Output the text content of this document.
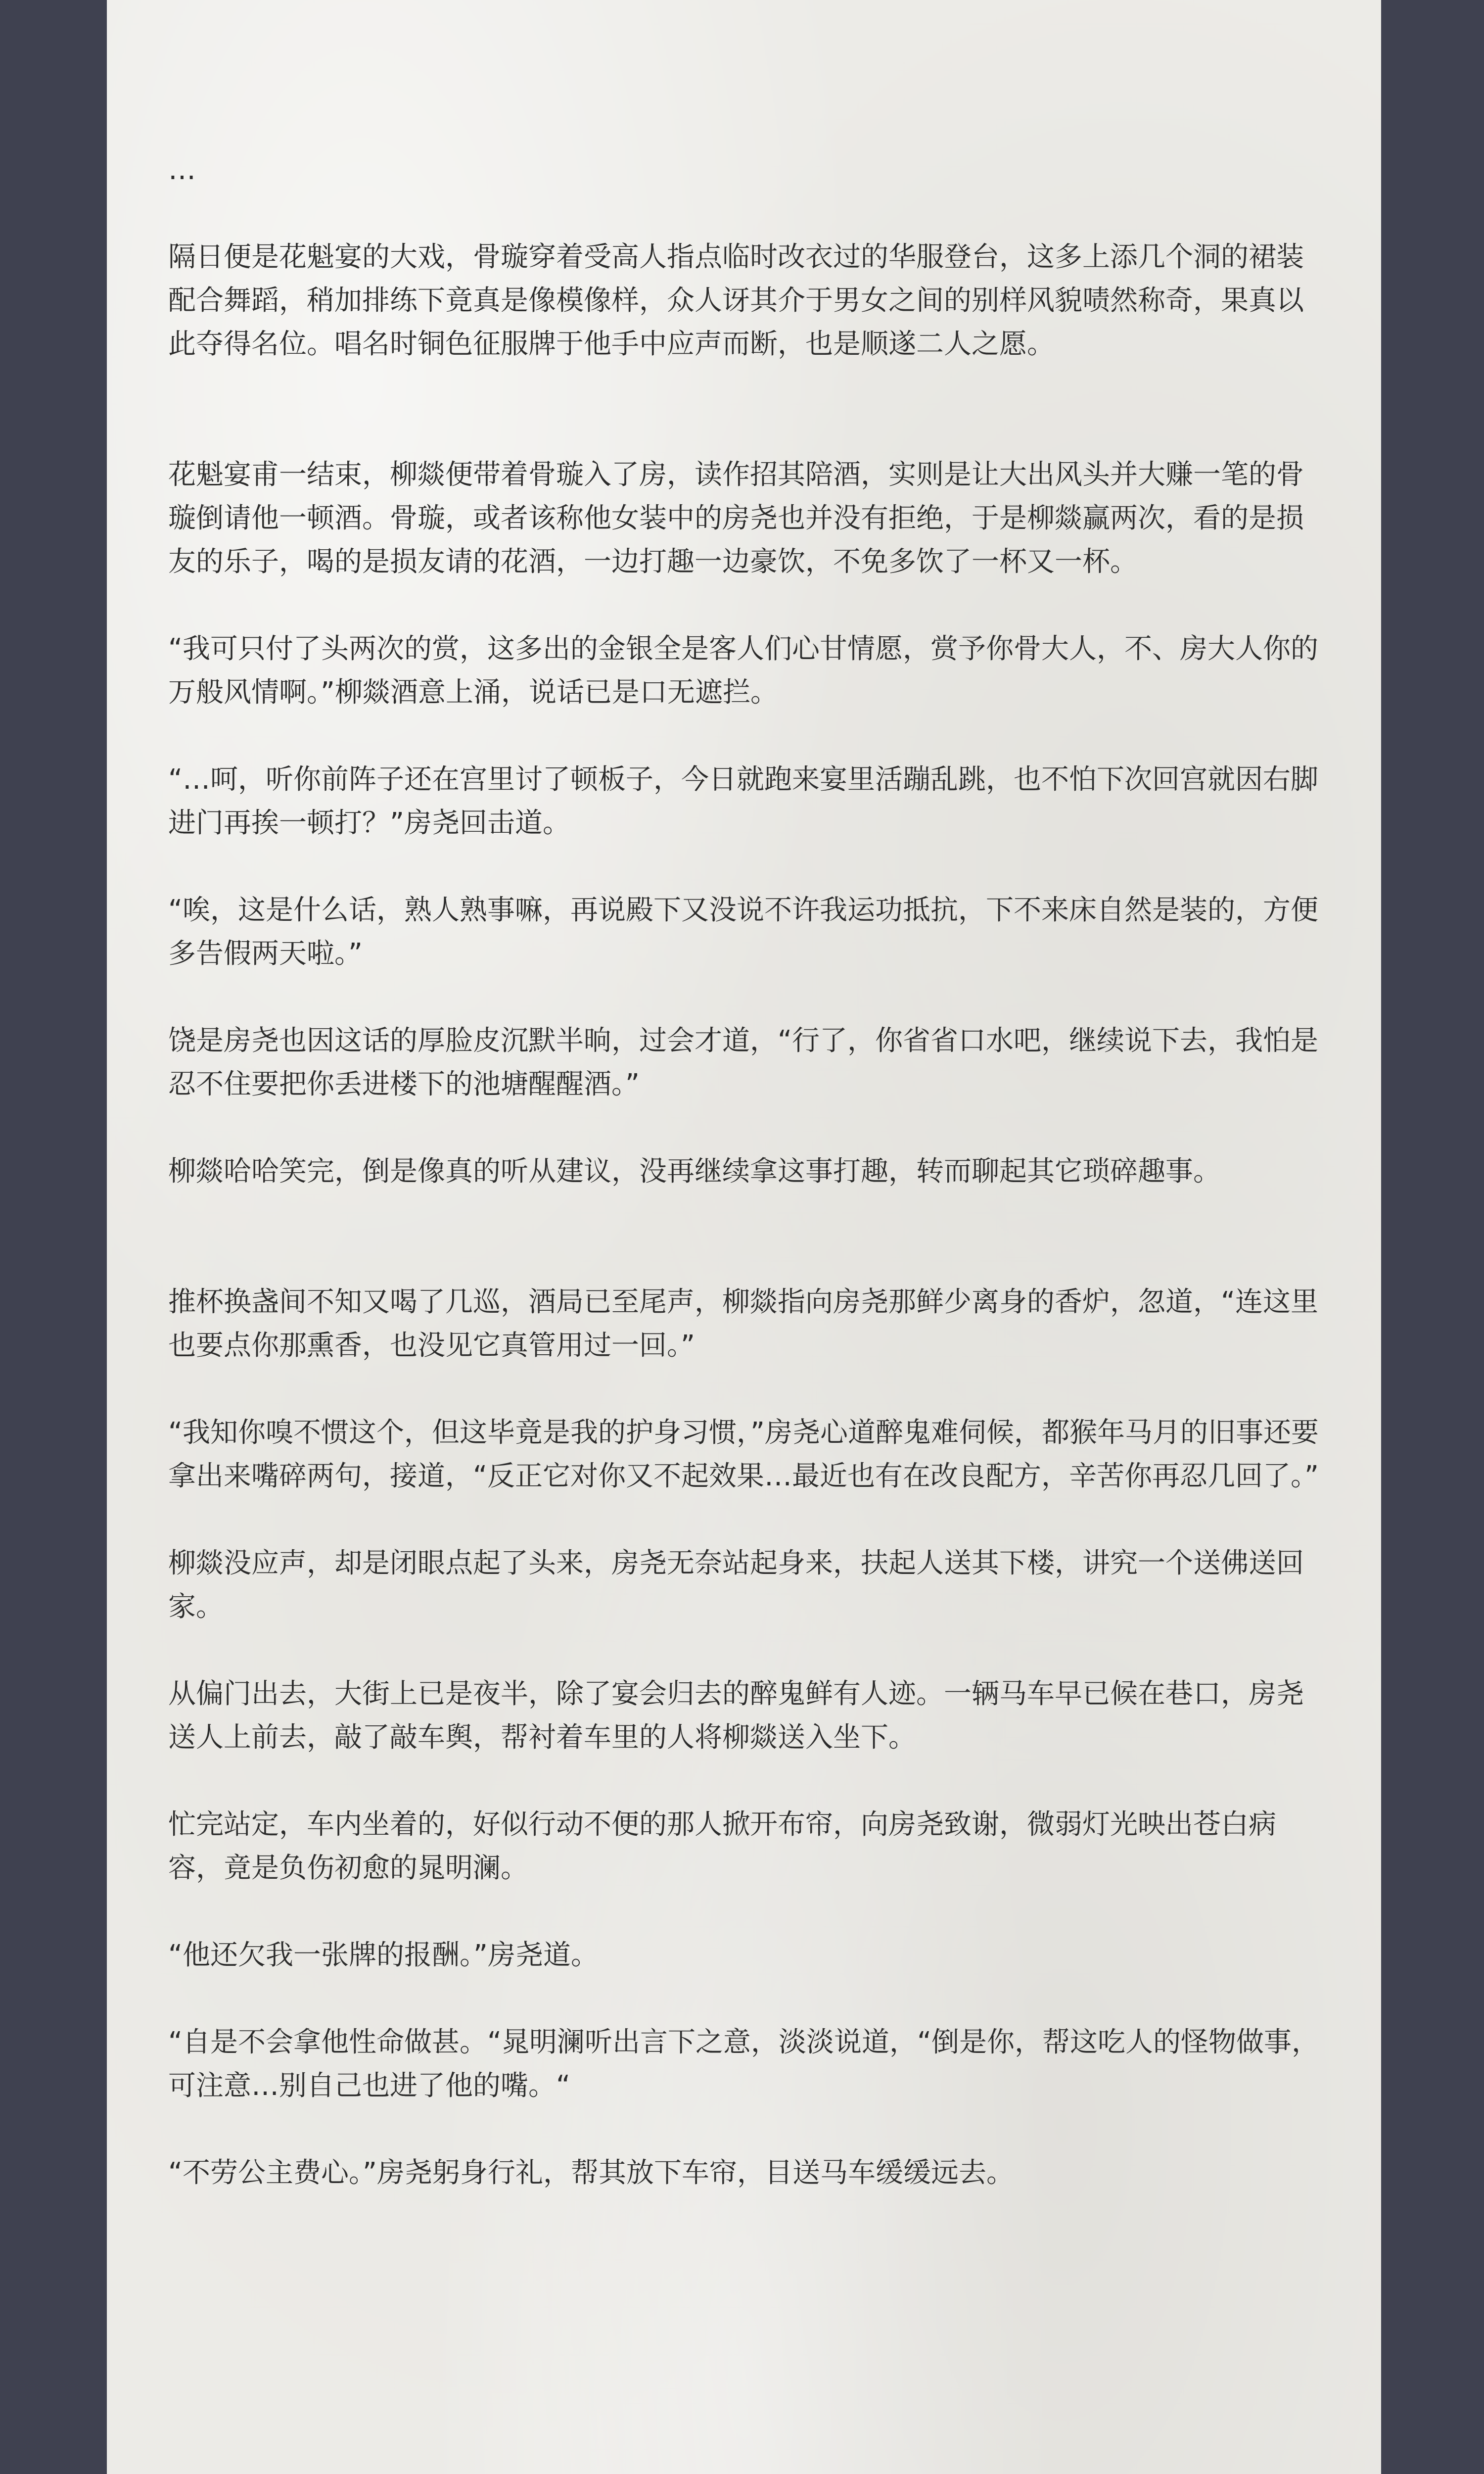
…

隔日便是花魁宴的大戏，骨璇穿着受高人指点临时改衣过的华服登台，这多上添几个洞的裙装配合舞蹈，稍加排练下竟真是像模像样，众人讶其介于男女之间的别样风貌啧然称奇，果真以此夺得名位。唱名时铜色征服牌于他手中应声而断，也是顺遂二人之愿。

花魁宴甫一结束，柳燚便带着骨璇入了房，读作招其陪酒，实则是让大出风头并大赚一笔的骨璇倒请他一顿酒。骨璇，或者该称他女装中的房尧也并没有拒绝，于是柳燚赢两次，看的是损友的乐子，喝的是损友请的花酒，一边打趣一边豪饮，不免多饮了一杯又一杯。

“我可只付了头两次的赏，这多出的金银全是客人们心甘情愿，赏予你骨大人，不、房大人你的万般风情啊。”柳燚酒意上涌，说话已是口无遮拦。

“…呵，听你前阵子还在宫里讨了顿板子，今日就跑来宴里活蹦乱跳，也不怕下次回宫就因右脚进门再挨一顿打？”房尧回击道。

“唉，这是什么话，熟人熟事嘛，再说殿下又没说不许我运功抵抗，下不来床自然是装的，方便多告假两天啦。”

饶是房尧也因这话的厚脸皮沉默半晌，过会才道，“行了，你省省口水吧，继续说下去，我怕是忍不住要把你丢进楼下的池塘醒醒酒。”

柳燚哈哈笑完，倒是像真的听从建议，没再继续拿这事打趣，转而聊起其它琐碎趣事。

推杯换盏间不知又喝了几巡，酒局已至尾声，柳燚指向房尧那鲜少离身的香炉，忽道，“连这里也要点你那熏香，也没见它真管用过一回。”

“我知你嗅不惯这个，但这毕竟是我的护身习惯，”房尧心道醉鬼难伺候，都猴年马月的旧事还要拿出来嘴碎两句，接道，“反正它对你又不起效果…最近也有在改良配方，辛苦你再忍几回了。”

柳燚没应声，却是闭眼点起了头来，房尧无奈站起身来，扶起人送其下楼，讲究一个送佛送回家。

从偏门出去，大街上已是夜半，除了宴会归去的醉鬼鲜有人迹。一辆马车早已候在巷口，房尧送人上前去，敲了敲车舆，帮衬着车里的人将柳燚送入坐下。

忙完站定，车内坐着的，好似行动不便的那人掀开布帘，向房尧致谢，微弱灯光映出苍白病容，竟是负伤初愈的晁明澜。

“他还欠我一张牌的报酬。”房尧道。

“自是不会拿他性命做甚。“晁明澜听出言下之意，淡淡说道，“倒是你，帮这吃人的怪物做事，可注意…别自己也进了他的嘴。“

“不劳公主费心。”房尧躬身行礼，帮其放下车帘，目送马车缓缓远去。
